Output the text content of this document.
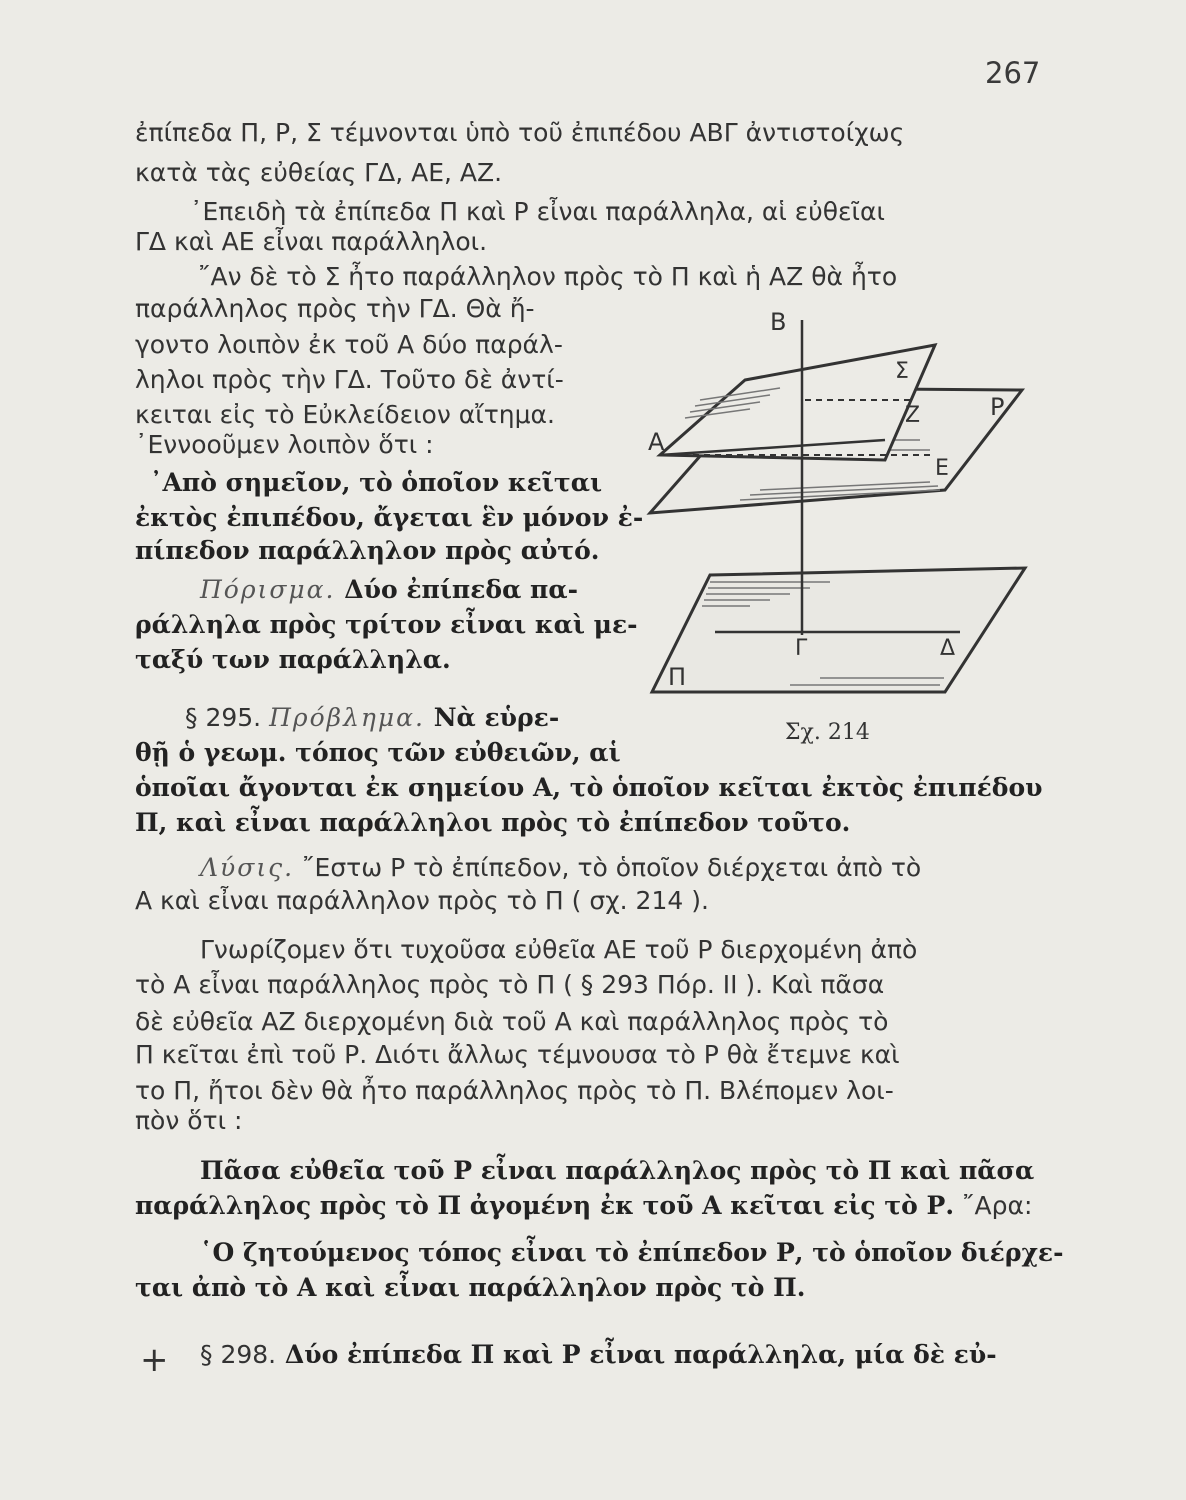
267
ἐπίπεδα Π, Ρ, Σ τέμνονται ὑπὸ τοῦ ἐπιπέδου ΑΒΓ ἀντιστοίχως
κατὰ τὰς εὐθείας ΓΔ, ΑΕ, ΑΖ.
᾿Επειδὴ τὰ ἐπίπεδα Π καὶ Ρ εἶναι παράλληλα, αἱ εὐθεῖαι
ΓΔ καὶ ΑΕ εἶναι παράλληλοι.
῎Αν δὲ τὸ Σ ἦτο παράλληλον πρὸς τὸ Π καὶ ἡ ΑΖ θὰ ἦτο
παράλληλος πρὸς τὴν ΓΔ. Θὰ ἤ-
γοντο λοιπὸν ἐκ τοῦ Α δύο παράλ-
ληλοι πρὸς τὴν ΓΔ. Τοῦτο δὲ ἀντί-
κειται εἰς τὸ Εὐκλείδειον αἴτημα.
᾿Εννοοῦμεν λοιπὸν ὅτι :
᾿Απὸ σημεῖον, τὸ ὁποῖον κεῖται
ἐκτὸς ἐπιπέδου, ἄγεται ἓν μόνον ἐ-
πίπεδον παράλληλον πρὸς αὐτό.
Πόρισμα. Δύο ἐπίπεδα πα-
ράλληλα πρὸς τρίτον εἶναι καὶ με-
ταξύ των παράλληλα.
§ 295. Πρόβλημα. Νὰ εὑρε-
θῇ ὁ γεωμ. τόπος τῶν εὐθειῶν, αἱ
ὁποῖαι ἄγονται ἐκ σημείου Α, τὸ ὁποῖον κεῖται ἐκτὸς ἐπιπέδου
Π, καὶ εἶναι παράλληλοι πρὸς τὸ ἐπίπεδον τοῦτο.
Λύσις. ῎Εστω Ρ τὸ ἐπίπεδον, τὸ ὁποῖον διέρχεται ἀπὸ τὸ
Α καὶ εἶναι παράλληλον πρὸς τὸ Π ( σχ. 214 ).
Γνωρίζομεν ὅτι τυχοῦσα εὐθεῖα ΑΕ τοῦ Ρ διερχομένη ἀπὸ
τὸ Α εἶναι παράλληλος πρὸς τὸ Π ( § 293 Πόρ. ΙΙ ). Καὶ πᾶσα
δὲ εὐθεῖα ΑΖ διερχομένη διὰ τοῦ Α καὶ παράλληλος πρὸς τὸ
Π κεῖται ἐπὶ τοῦ Ρ. Διότι ἄλλως τέμνουσα τὸ Ρ θὰ ἔτεμνε καὶ
το Π, ἤτοι δὲν θὰ ἦτο παράλληλος πρὸς τὸ Π. Βλέπομεν λοι-
πὸν ὅτι :
Πᾶσα εὐθεῖα τοῦ Ρ εἶναι παράλληλος πρὸς τὸ Π καὶ πᾶσα
παράλληλος πρὸς τὸ Π ἀγομένη ἐκ τοῦ Α κεῖται εἰς τὸ Ρ. ῎Αρα:
῾Ο ζητούμενος τόπος εἶναι τὸ ἐπίπεδον Ρ, τὸ ὁποῖον διέρχε-
ται ἀπὸ τὸ Α καὶ εἶναι παράλληλον πρὸς τὸ Π.
+ § 298. Δύο ἐπίπεδα Π καὶ Ρ εἶναι παράλληλα, μία δὲ εὐ-
Β
Σ
Ζ	Ρ
Α
Ε
Γ	Δ
Π
Σχ. 214
